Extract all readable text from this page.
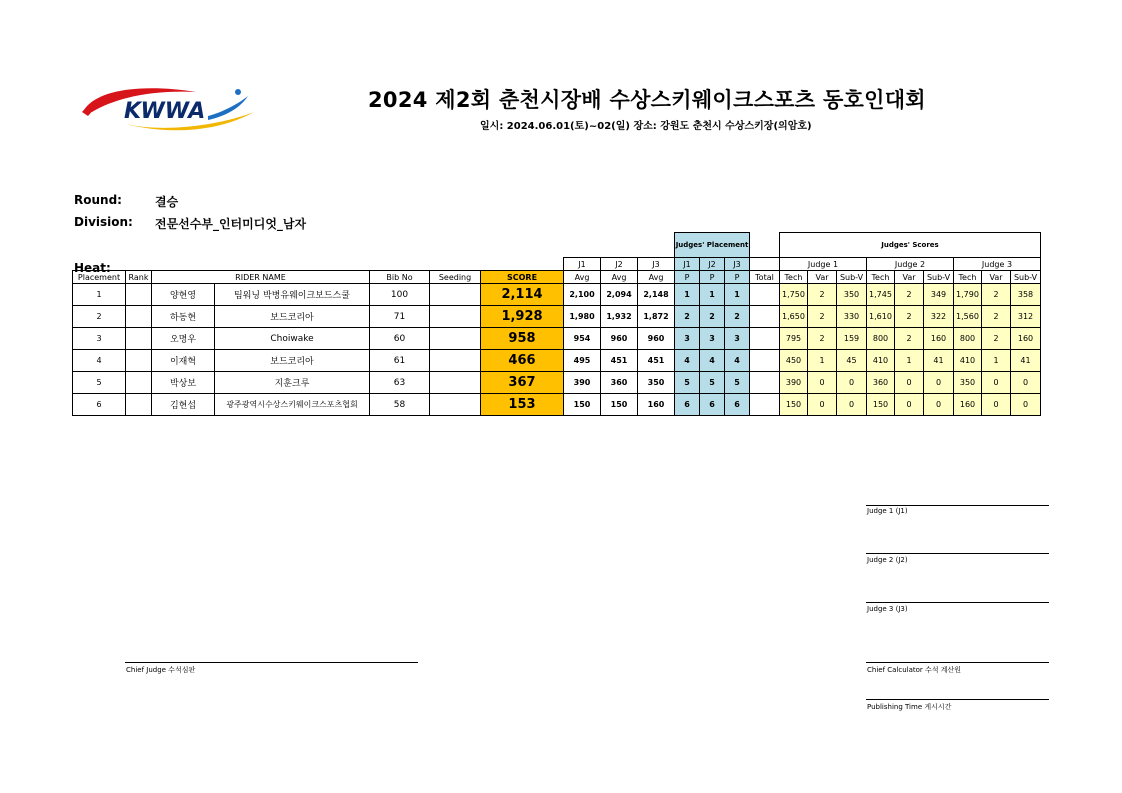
KWWA	2024 제2회 춘천시장배 수상스키웨이크스포츠 동호인대회
일시: 2024.06.01(토)~02(일) 장소: 강원도 춘천시 수상스키장(의암호)
Round:	결승
Division: 전문선수부_인터미디엇_남자
Heat:
										Judges' Placement				Judges' Scores								
							J1	J2	J3	J1	J2	J3		Judge 1			Judge 2			Judge 3		
Placement	Rank	RIDER NAME		Bib No	Seeding	SCORE	Avg	Avg	Avg	P	P	P	Total	Tech	Var	Sub-V	Tech	Var	Sub-V	Tech	Var	Sub-V
1		양현영	팀워닝 박병유웨이크보드스쿨	100		2,114	2,100	2,094	2,148	1	1	1		1,750	2	350	1,745	2	349	1,790	2	358
2		하동현	보드코리아	71		1,928	1,980	1,932	1,872	2	2	2		1,650	2	330	1,610	2	322	1,560	2	312
3		오명우	Choiwake	60		958	954	960	960	3	3	3		795	2	159	800	2	160	800	2	160
4		이재혁	보드코리아	61		466	495	451	451	4	4	4		450	1	45	410	1	41	410	1	41
5		박상보	지훈크루	63		367	390	360	350	5	5	5		390	0	0	360	0	0	350	0	0
6		김현섭	광주광역시수상스키웨이크스포츠협회	58		153	150	150	160	6	6	6		150	0	0	150	0	0	160	0	0
Judge 1 (J1)
Judge 2 (J2)
Judge 3 (J3)
Chief Judge 수석심판	Chief Calculator 수석 계산원
Publishing Time 게시시간
